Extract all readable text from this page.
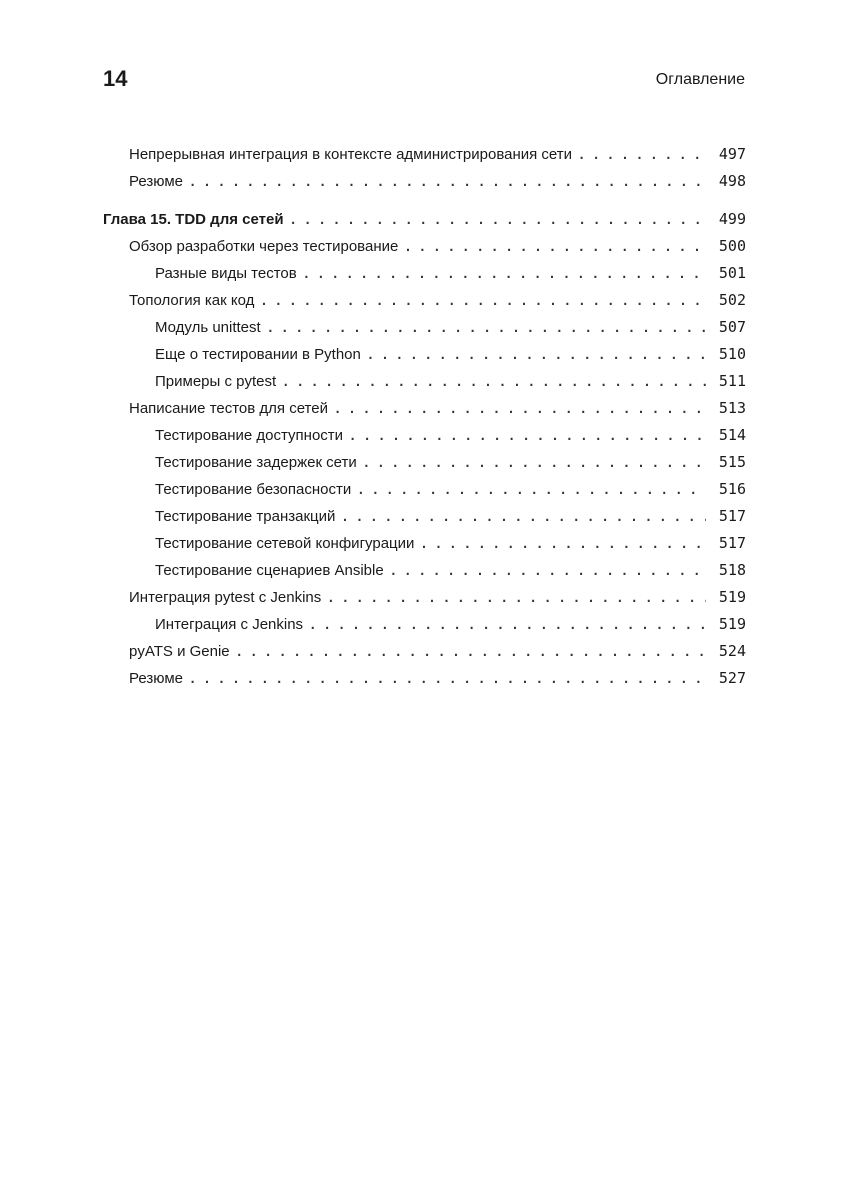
14	Оглавление
Непрерывная интеграция в контексте администрирования сети . . .	497
Резюме . . .	498
Глава 15. TDD для сетей . . .	499
Обзор разработки через тестирование . . .	500
Разные виды тестов . . .	501
Топология как код . . .	502
Модуль unittest . . .	507
Еще о тестировании в Python . . .	510
Примеры с pytest . . .	511
Написание тестов для сетей . . .	513
Тестирование доступности . . .	514
Тестирование задержек сети . . .	515
Тестирование безопасности . . .	516
Тестирование транзакций . . .	517
Тестирование сетевой конфигурации . . .	517
Тестирование сценариев Ansible . . .	518
Интеграция pytest с Jenkins . . .	519
Интеграция с Jenkins . . .	519
pyATS и Genie . . .	524
Резюме . . .	527
